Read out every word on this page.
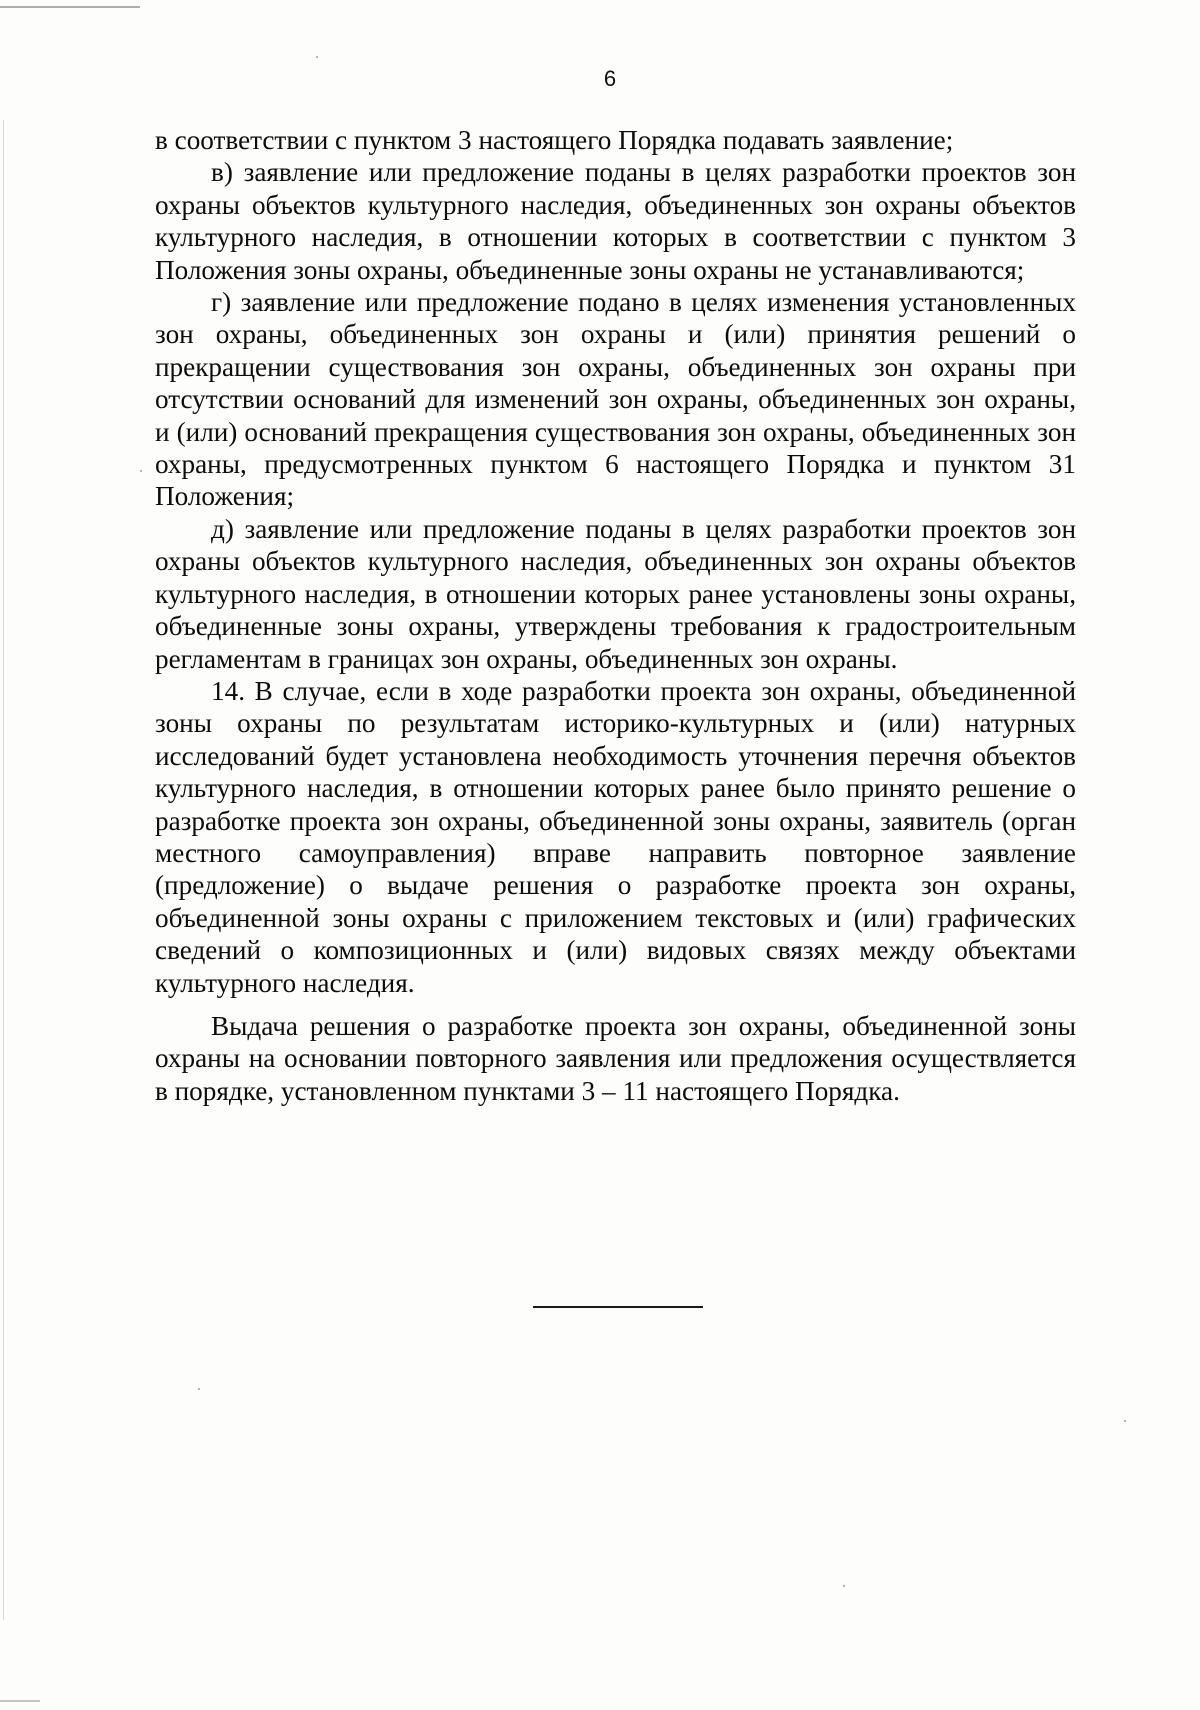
6

в соответствии с пунктом 3 настоящего Порядка подавать заявление;

в) заявление или предложение поданы в целях разработки проектов зон охраны объектов культурного наследия, объединенных зон охраны объектов культурного наследия, в отношении которых в соответствии с пунктом 3 Положения зоны охраны, объединенные зоны охраны не устанавливаются;

г) заявление или предложение подано в целях изменения установленных зон охраны, объединенных зон охраны и (или) принятия решений о прекращении существования зон охраны, объединенных зон охраны при отсутствии оснований для изменений зон охраны, объединенных зон охраны, и (или) оснований прекращения существования зон охраны, объединенных зон охраны, предусмотренных пунктом 6 настоящего Порядка и пунктом 31 Положения;

д) заявление или предложение поданы в целях разработки проектов зон охраны объектов культурного наследия, объединенных зон охраны объектов культурного наследия, в отношении которых ранее установлены зоны охраны, объединенные зоны охраны, утверждены требования к градостроительным регламентам в границах зон охраны, объединенных зон охраны.

14. В случае, если в ходе разработки проекта зон охраны, объединенной зоны охраны по результатам историко-культурных и (или) натурных исследований будет установлена необходимость уточнения перечня объектов культурного наследия, в отношении которых ранее было принято решение о разработке проекта зон охраны, объединенной зоны охраны, заявитель (орган местного самоуправления) вправе направить повторное заявление (предложение) о выдаче решения о разработке проекта зон охраны, объединенной зоны охраны с приложением текстовых и (или) графических сведений о композиционных и (или) видовых связях между объектами культурного наследия.

Выдача решения о разработке проекта зон охраны, объединенной зоны охраны на основании повторного заявления или предложения осуществляется в порядке, установленном пунктами 3 – 11 настоящего Порядка.
